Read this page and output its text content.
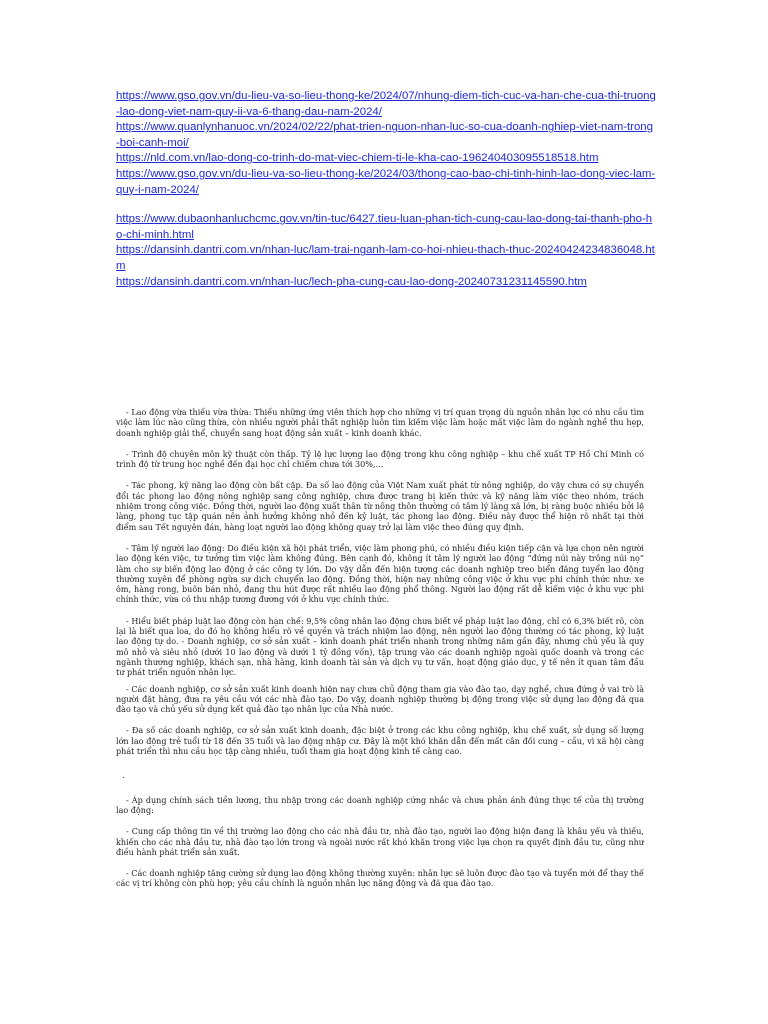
https://www.gso.gov.vn/du-lieu-va-so-lieu-thong-ke/2024/07/nhung-diem-tich-cuc-va-han-che-cua-thi-truong-lao-dong-viet-nam-quy-ii-va-6-thang-dau-nam-2024/
https://www.quanlynhanuoc.vn/2024/02/22/phat-trien-nguon-nhan-luc-so-cua-doanh-nghiep-viet-nam-trong-boi-canh-moi/
https://nld.com.vn/lao-dong-co-trinh-do-mat-viec-chiem-ti-le-kha-cao-196240403095518518.htm
https://www.gso.gov.vn/du-lieu-va-so-lieu-thong-ke/2024/03/thong-cao-bao-chi-tinh-hinh-lao-dong-viec-lam-quy-i-nam-2024/
https://www.dubaonhanluchcmc.gov.vn/tin-tuc/6427.tieu-luan-phan-tich-cung-cau-lao-dong-tai-thanh-pho-ho-chi-minh.html
https://dansinh.dantri.com.vn/nhan-luc/lam-trai-nganh-lam-co-hoi-nhieu-thach-thuc-20240424234836048.htm
https://dansinh.dantri.com.vn/nhan-luc/lech-pha-cung-cau-lao-dong-20240731231145590.htm

- Lao động vừa thiếu vừa thừa: Thiếu những ứng viên thích hợp cho những vị trí quan trọng dù nguồn nhân lực có nhu cầu tìm việc làm lúc nào cũng thừa, còn nhiều người phải thất nghiệp luôn tìm kiếm việc làm hoặc mất việc làm do ngành nghề thu hẹp, doanh nghiệp giải thể, chuyển sang hoạt động sản xuất – kinh doanh khác.

- Trình độ chuyên môn kỹ thuật còn thấp. Tỷ lệ lực lượng lao động trong khu công nghiệp – khu chế xuất TP Hồ Chí Minh có trình độ từ trung học nghề đến đại học chỉ chiếm chưa tới 30%,…

- Tác phong, kỹ năng lao động còn bất cập. Đa số lao động của Việt Nam xuất phát từ nông nghiệp, do vậy chưa có sự chuyển đổi tác phong lao động nông nghiệp sang công nghiệp, chưa được trang bị kiến thức và kỹ năng làm việc theo nhóm, trách nhiệm trong công việc. Đồng thời, người lao động xuất thân từ nông thôn thường có tâm lý làng xã lớn, bị ràng buộc nhiều bởi lệ làng, phong tục tập quán nên ảnh hưởng không nhỏ đến kỷ luật, tác phong lao động. Điều này được thể hiện rõ nhất tại thời điểm sau Tết nguyên đán, hàng loạt người lao động không quay trở lại làm việc theo đúng quy định.

- Tâm lý người lao động: Do điều kiện xã hội phát triển, việc làm phong phú, có nhiều điều kiện tiếp cận và lựa chọn nên người lao động kén việc, tư tưởng tìm việc làm không đúng. Bên cạnh đó, không ít tâm lý người lao động “đứng núi này trông núi nọ” làm cho sự biến động lao động ở các công ty lớn. Do vậy dẫn đến hiện tượng các doanh nghiệp treo biển đăng tuyển lao động thường xuyên để phòng ngừa sự dịch chuyển lao động. Đồng thời, hiện nay những công việc ở khu vực phi chính thức như: xe ôm, hàng rong, buôn bán nhỏ, đang thu hút được rất nhiều lao động phổ thông. Người lao động rất dễ kiếm việc ở khu vực phi chính thức, vừa có thu nhập tương đương với ở khu vực chính thức.

- Hiểu biết pháp luật lao động còn hạn chế: 9,5% công nhân lao động chưa biết về pháp luật lao động, chỉ có 6,3% biết rõ, còn lại là biết qua loa, do đó họ không hiểu rõ về quyền và trách nhiệm lao động, nên người lao động thường có tác phong, kỷ luật lao động tự do. - Doanh nghiệp, cơ sở sản xuất – kinh doanh phát triển nhanh trong những năm gần đây, nhưng chủ yếu là quy mô nhỏ và siêu nhỏ (dưới 10 lao động và dưới 1 tỷ đồng vốn), tập trung vào các doanh nghiệp ngoài quốc doanh và trong các ngành thương nghiệp, khách sạn, nhà hàng, kinh doanh tài sản và dịch vụ tư vấn, hoạt động giáo dục, y tế nên ít quan tâm đầu tư phát triển nguồn nhân lực.

- Các doanh nghiệp, cơ sở sản xuất kinh doanh hiện nay chưa chủ động tham gia vào đào tạo, dạy nghề, chưa đứng ở vai trò là người đặt hàng, đưa ra yêu cầu với các nhà đào tạo. Do vậy, doanh nghiệp thường bị động trong việc sử dụng lao động đã qua đào tạo và chủ yếu sử dụng kết quả đào tạo nhân lực của Nhà nước.

- Đa số các doanh nghiệp, cơ sở sản xuất kinh doanh, đặc biệt ở trong các khu công nghiệp, khu chế xuất, sử dụng số lượng lớn lao động trẻ tuổi từ 18 đến 35 tuổi và lao động nhập cư. Đây là một khó khăn dẫn đến mất cân đối cung – cầu, vì xã hội càng phát triển thì nhu cầu học tập càng nhiều, tuổi tham gia hoạt động kinh tế càng cao.

.

- Áp dụng chính sách tiền lương, thu nhập trong các doanh nghiệp cứng nhắc và chưa phản ánh đúng thực tế của thị trường lao động:

- Cung cấp thông tin về thị trường lao động cho các nhà đầu tư, nhà đào tạo, người lao động hiện đang là khâu yếu và thiếu, khiến cho các nhà đầu tư, nhà đào tạo lớn trong và ngoài nước rất khó khăn trong việc lựa chọn ra quyết định đầu tư, cũng như điều hành phát triển sản xuất.

- Các doanh nghiệp tăng cường sử dụng lao động không thường xuyên: nhân lực sẽ luôn được đào tạo và tuyển mới để thay thế các vị trí không còn phù hợp; yêu cầu chính là nguồn nhân lực năng động và đã qua đào tạo.
